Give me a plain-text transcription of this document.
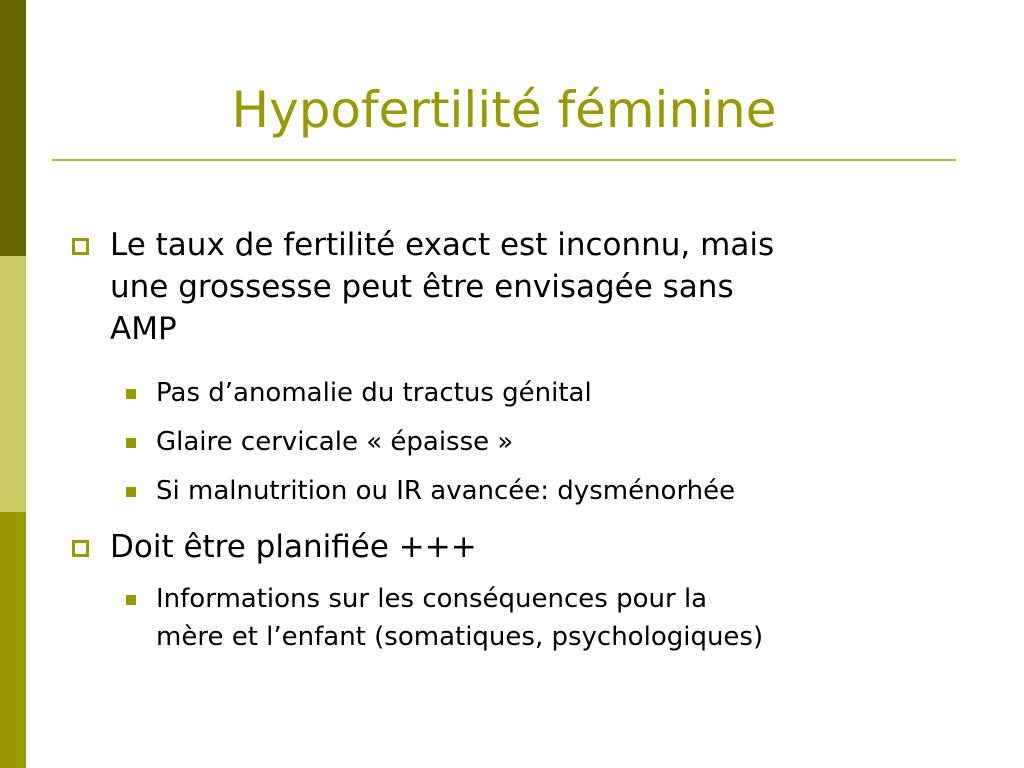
Hypofertilité féminine
Le taux de fertilité exact est inconnu, mais
une grossesse peut être envisagée sans
AMP
Pas d’anomalie du tractus génital
Glaire cervicale « épaisse »
Si malnutrition ou IR avancée: dysménorhée
Doit être planifiée +++
Informations sur les conséquences pour la
mère et l’enfant (somatiques, psychologiques)
